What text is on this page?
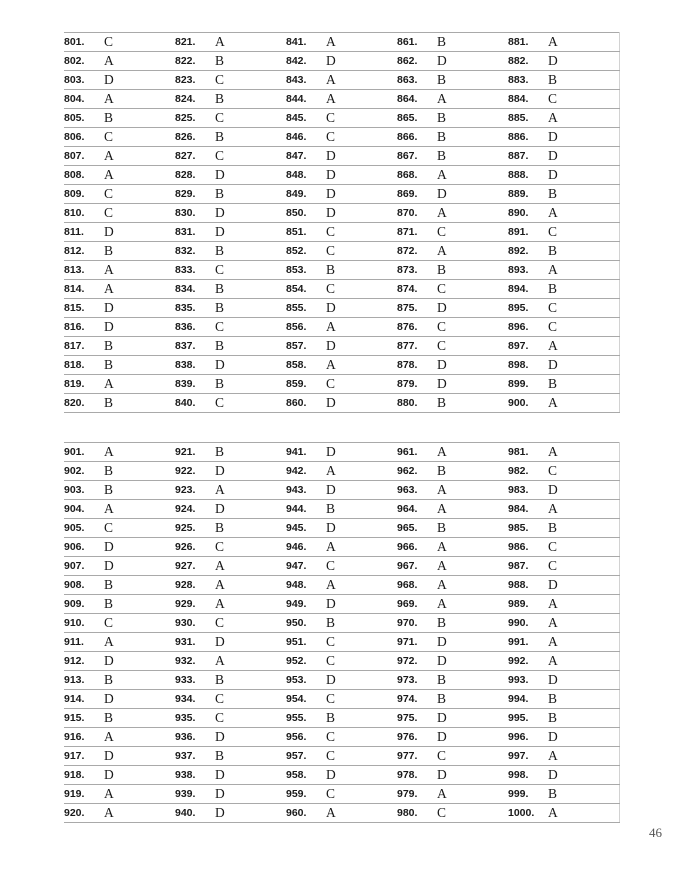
801.	C	821.	A	841.	A	861.	B	881.	A
802.	A	822.	B	842.	D	862.	D	882.	D
803.	D	823.	C	843.	A	863.	B	883.	B
804.	A	824.	B	844.	A	864.	A	884.	C
805.	B	825.	C	845.	C	865.	B	885.	A
806.	C	826.	B	846.	C	866.	B	886.	D
807.	A	827.	C	847.	D	867.	B	887.	D
808.	A	828.	D	848.	D	868.	A	888.	D
809.	C	829.	B	849.	D	869.	D	889.	B
810.	C	830.	D	850.	D	870.	A	890.	A
811.	D	831.	D	851.	C	871.	C	891.	C
812.	B	832.	B	852.	C	872.	A	892.	B
813.	A	833.	C	853.	B	873.	B	893.	A
814.	A	834.	B	854.	C	874.	C	894.	B
815.	D	835.	B	855.	D	875.	D	895.	C
816.	D	836.	C	856.	A	876.	C	896.	C
817.	B	837.	B	857.	D	877.	C	897.	A
818.	B	838.	D	858.	A	878.	D	898.	D
819.	A	839.	B	859.	C	879.	D	899.	B
820.	B	840.	C	860.	D	880.	B	900.	A
901.	A	921.	B	941.	D	961.	A	981.	A
902.	B	922.	D	942.	A	962.	B	982.	C
903.	B	923.	A	943.	D	963.	A	983.	D
904.	A	924.	D	944.	B	964.	A	984.	A
905.	C	925.	B	945.	D	965.	B	985.	B
906.	D	926.	C	946.	A	966.	A	986.	C
907.	D	927.	A	947.	C	967.	A	987.	C
908.	B	928.	A	948.	A	968.	A	988.	D
909.	B	929.	A	949.	D	969.	A	989.	A
910.	C	930.	C	950.	B	970.	B	990.	A
911.	A	931.	D	951.	C	971.	D	991.	A
912.	D	932.	A	952.	C	972.	D	992.	A
913.	B	933.	B	953.	D	973.	B	993.	D
914.	D	934.	C	954.	C	974.	B	994.	B
915.	B	935.	C	955.	B	975.	D	995.	B
916.	A	936.	D	956.	C	976.	D	996.	D
917.	D	937.	B	957.	C	977.	C	997.	A
918.	D	938.	D	958.	D	978.	D	998.	D
919.	A	939.	D	959.	C	979.	A	999.	B
920.	A	940.	D	960.	A	980.	C	1000.	A
46
